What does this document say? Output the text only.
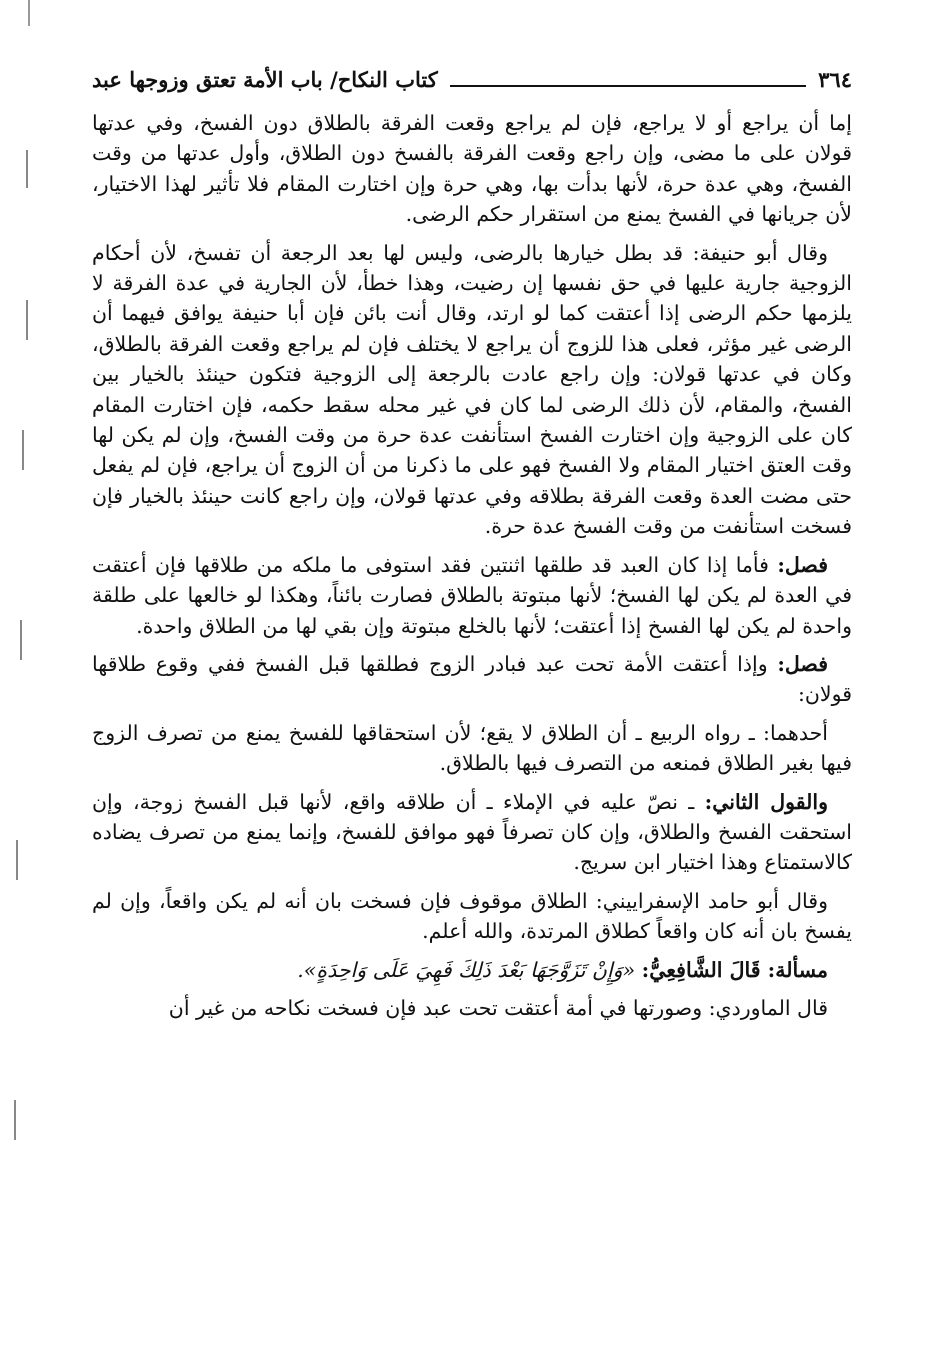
٣٦٤
كتاب النكاح/ باب الأمة تعتق وزوجها عبد

إما أن يراجع أو لا يراجع، فإن لم يراجع وقعت الفرقة بالطلاق دون الفسخ، وفي عدتها قولان على ما مضى، وإن راجع وقعت الفرقة بالفسخ دون الطلاق، وأول عدتها من وقت الفسخ، وهي عدة حرة، لأنها بدأت بها، وهي حرة وإن اختارت المقام فلا تأثير لهذا الاختيار، لأن جريانها في الفسخ يمنع من استقرار حكم الرضى.

وقال أبو حنيفة: قد بطل خيارها بالرضى، وليس لها بعد الرجعة أن تفسخ، لأن أحكام الزوجية جارية عليها في حق نفسها إن رضيت، وهذا خطأ، لأن الجارية في عدة الفرقة لا يلزمها حكم الرضى إذا أعتقت كما لو ارتد، وقال أنت بائن فإن أبا حنيفة يوافق فيهما أن الرضى غير مؤثر، فعلى هذا للزوج أن يراجع لا يختلف فإن لم يراجع وقعت الفرقة بالطلاق، وكان في عدتها قولان: وإن راجع عادت بالرجعة إلى الزوجية فتكون حينئذ بالخيار بين الفسخ، والمقام، لأن ذلك الرضى لما كان في غير محله سقط حكمه، فإن اختارت المقام كان على الزوجية وإن اختارت الفسخ استأنفت عدة حرة من وقت الفسخ، وإن لم يكن لها وقت العتق اختيار المقام ولا الفسخ فهو على ما ذكرنا من أن الزوج أن يراجع، فإن لم يفعل حتى مضت العدة وقعت الفرقة بطلاقه وفي عدتها قولان، وإن راجع كانت حينئذ بالخيار فإن فسخت استأنفت من وقت الفسخ عدة حرة.

فصل: فأما إذا كان العبد قد طلقها اثنتين فقد استوفى ما ملكه من طلاقها فإن أعتقت في العدة لم يكن لها الفسخ؛ لأنها مبتوتة بالطلاق فصارت بائناً، وهكذا لو خالعها على طلقة واحدة لم يكن لها الفسخ إذا أعتقت؛ لأنها بالخلع مبتوتة وإن بقي لها من الطلاق واحدة.

فصل: وإذا أعتقت الأمة تحت عبد فبادر الزوج فطلقها قبل الفسخ ففي وقوع طلاقها قولان:

أحدهما: ـ رواه الربيع ـ أن الطلاق لا يقع؛ لأن استحقاقها للفسخ يمنع من تصرف الزوج فيها بغير الطلاق فمنعه من التصرف فيها بالطلاق.

والقول الثاني: ـ نصّ عليه في الإملاء ـ أن طلاقه واقع، لأنها قبل الفسخ زوجة، وإن استحقت الفسخ والطلاق، وإن كان تصرفاً فهو موافق للفسخ، وإنما يمنع من تصرف يضاده كالاستمتاع وهذا اختيار ابن سريج.

وقال أبو حامد الإسفراييني: الطلاق موقوف فإن فسخت بان أنه لم يكن واقعاً، وإن لم يفسخ بان أنه كان واقعاً كطلاق المرتدة، والله أعلم.

مسألة: قَالَ الشَّافِعِيُّ: «وَإِنْ تَزَوَّجَهَا بَعْدَ ذَلِكَ فَهِيَ عَلَى وَاحِدَةٍ».

قال الماوردي: وصورتها في أمة أعتقت تحت عبد فإن فسخت نكاحه من غير أن
